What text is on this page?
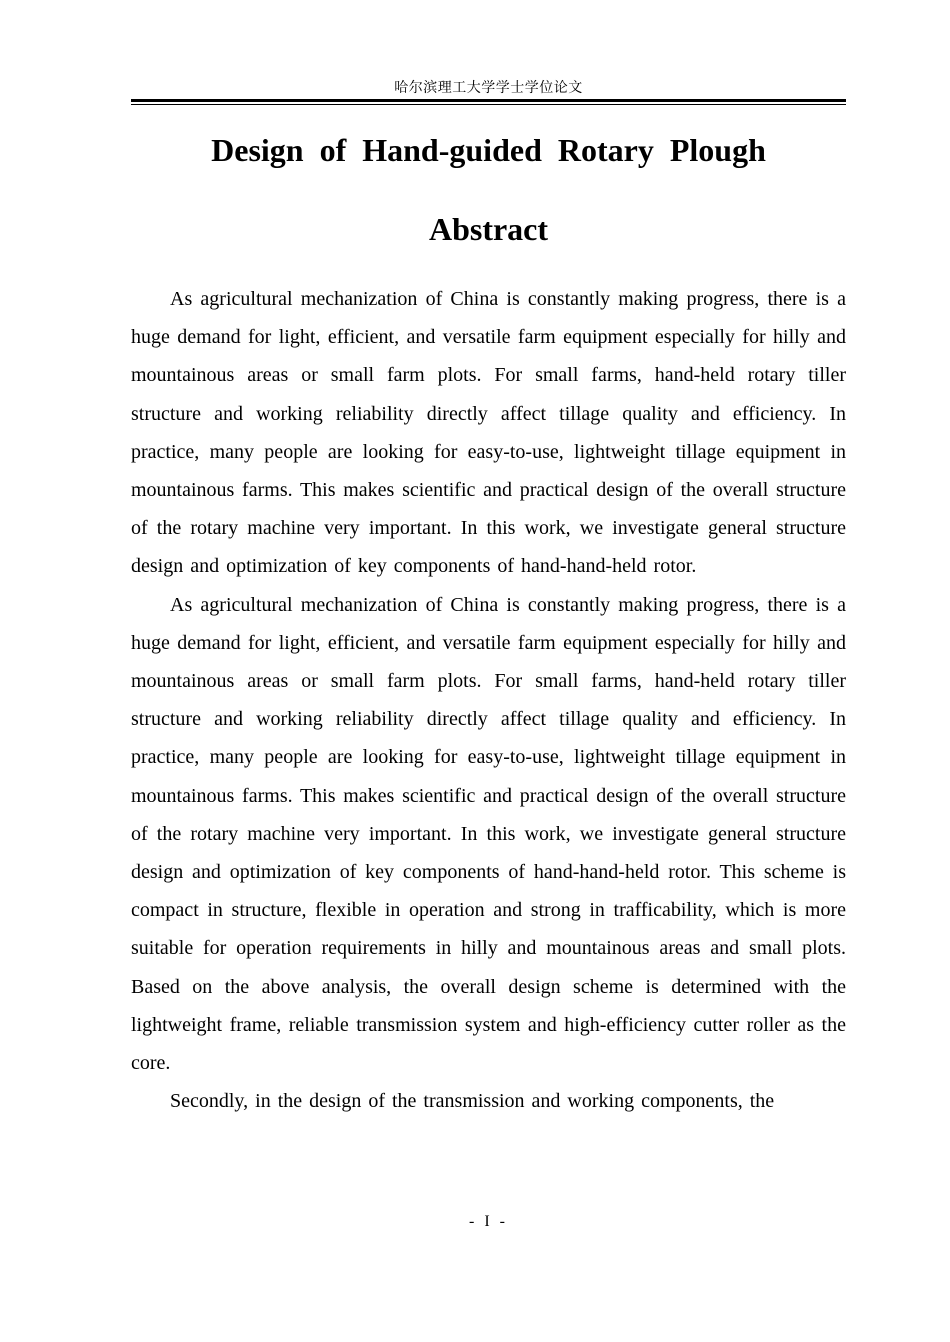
哈尔滨理工大学学士学位论文
Design of Hand-guided Rotary Plough
Abstract

As agricultural mechanization of China is constantly making progress, there is a huge demand for light, efficient, and versatile farm equipment especially for hilly and mountainous areas or small farm plots. For small farms, hand-held rotary tiller structure and working reliability directly affect tillage quality and efficiency. In practice, many people are looking for easy-to-use, lightweight tillage equipment in mountainous farms. This makes scientific and practical design of the overall structure of the rotary machine very important. In this work, we investigate general structure design and optimization of key components of hand-hand-held rotor.

As agricultural mechanization of China is constantly making progress, there is a huge demand for light, efficient, and versatile farm equipment especially for hilly and mountainous areas or small farm plots. For small farms, hand-held rotary tiller structure and working reliability directly affect tillage quality and efficiency. In practice, many people are looking for easy-to-use, lightweight tillage equipment in mountainous farms. This makes scientific and practical design of the overall structure of the rotary machine very important. In this work, we investigate general structure design and optimization of key components of hand-hand-held rotor. This scheme is compact in structure, flexible in operation and strong in trafficability, which is more suitable for operation requirements in hilly and mountainous areas and small plots. Based on the above analysis, the overall design scheme is determined with the lightweight frame, reliable transmission system and high-efficiency cutter roller as the core.

Secondly, in the design of the transmission and working components, the

- I -
